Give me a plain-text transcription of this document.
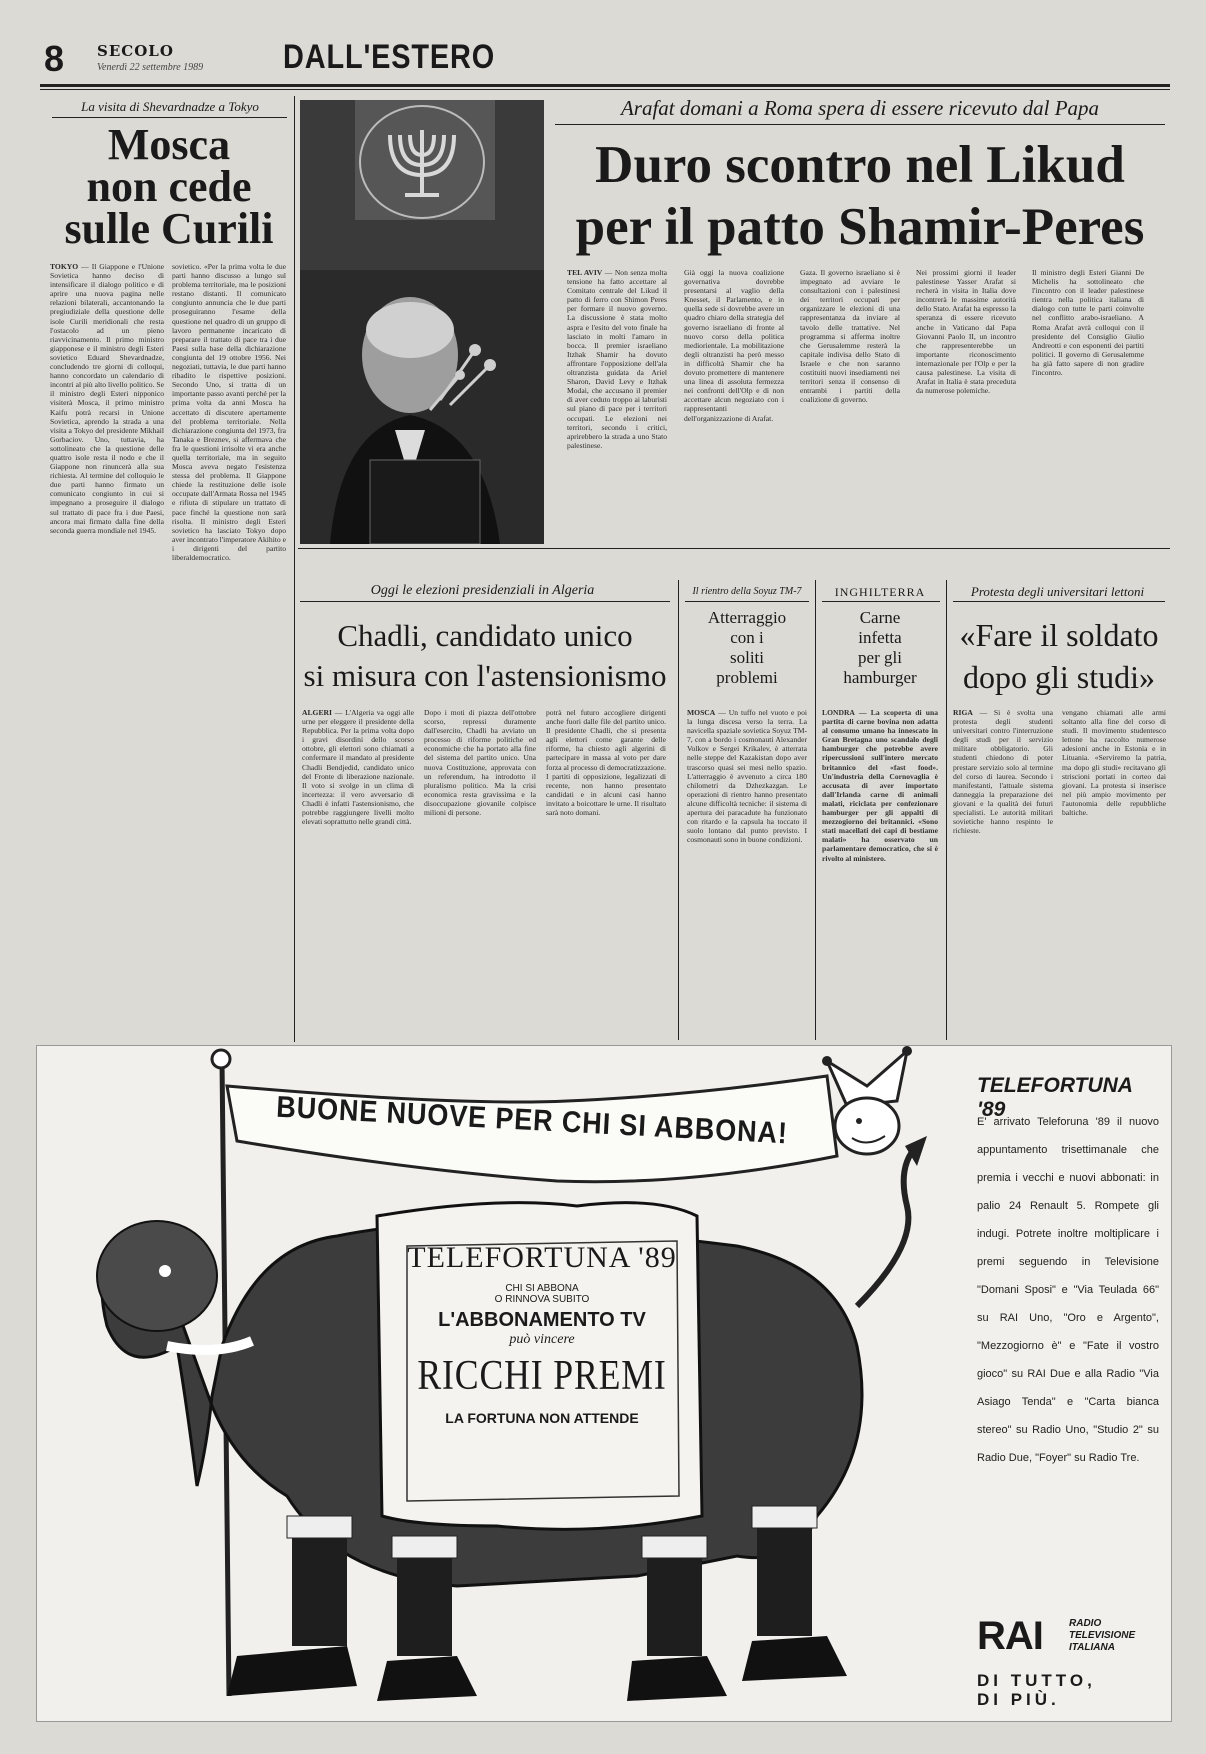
8 SECOLO
Venerdì 22 settembre 1989 DALL'ESTERO
La visita di Shevardnadze a Tokyo
Mosca
non cede
sulle Curili
TOKYO — Il Giappone e l'Unione Sovietica hanno deciso di intensificare il dialogo politico e di aprire una nuova pagina nelle relazioni bilaterali, accantonando la pregiudiziale della questione delle isole Curili meridionali che resta l'ostacolo ad un pieno riavvicinamento. Il primo ministro giapponese e il ministro degli Esteri sovietico Eduard Shevardnadze, concludendo tre giorni di colloqui, hanno concordato un calendario di incontri al più alto livello politico. Se il ministro degli Esteri nipponico visiterà Mosca, il primo ministro Kaifu potrà recarsi in Unione Sovietica, aprendo la strada a una visita a Tokyo del presidente Mikhail Gorbaciov. Uno, tuttavia, ha sottolineato che la questione delle quattro isole resta il nodo e che il Giappone non rinuncerà alla sua richiesta. Al termine del colloquio le due parti hanno firmato un comunicato congiunto in cui si impegnano a proseguire il dialogo sul trattato di pace fra i due Paesi, ancora mai firmato dalla fine della seconda guerra mondiale nel 1945.
sovietico. «Per la prima volta le due parti hanno discusso a lungo sul problema territoriale, ma le posizioni restano distanti. Il comunicato congiunto annuncia che le due parti proseguiranno l'esame della questione nel quadro di un gruppo di lavoro permanente incaricato di preparare il trattato di pace tra i due Paesi sulla base della dichiarazione congiunta del 19 ottobre 1956. Nei negoziati, tuttavia, le due parti hanno ribadito le rispettive posizioni. Secondo Uno, si tratta di un importante passo avanti perché per la prima volta da anni Mosca ha accettato di discutere apertamente del problema territoriale. Nella dichiarazione congiunta del 1973, fra Tanaka e Breznev, si affermava che fra le questioni irrisolte vi era anche quella territoriale, ma in seguito Mosca aveva negato l'esistenza stessa del problema. Il Giappone chiede la restituzione delle isole occupate dall'Armata Rossa nel 1945 e rifiuta di stipulare un trattato di pace finché la questione non sarà risolta. Il ministro degli Esteri sovietico ha lasciato Tokyo dopo aver incontrato l'imperatore Akihito e i dirigenti del partito liberaldemocratico.
Arafat domani a Roma spera di essere ricevuto dal Papa
Duro scontro nel Likud
per il patto Shamir-Peres
TEL AVIV — Non senza molta tensione ha fatto accettare al Comitato centrale del Likud il patto di ferro con Shimon Peres per formare il nuovo governo. La discussione è stata molto aspra e l'esito del voto finale ha lasciato in molti l'amaro in bocca. Il premier israeliano Itzhak Shamir ha dovuto affrontare l'opposizione dell'ala oltranzista guidata da Ariel Sharon, David Levy e Itzhak Modai, che accusano il premier di aver ceduto troppo ai laburisti sul piano di pace per i territori occupati. Le elezioni nei territori, secondo i critici, aprirebbero la strada a uno Stato palestinese.
Già oggi la nuova coalizione governativa dovrebbe presentarsi al vaglio della Knesset, il Parlamento, e in quella sede si dovrebbe avere un quadro chiaro della strategia del governo israeliano di fronte al nuovo corso della politica mediorientale. La mobilitazione degli oltranzisti ha però messo in difficoltà Shamir che ha dovuto promettere di mantenere una linea di assoluta fermezza nei confronti dell'Olp e di non accettare alcun negoziato con i rappresentanti dell'organizzazione di Arafat.
Gaza. Il governo israeliano si è impegnato ad avviare le consultazioni con i palestinesi dei territori occupati per organizzare le elezioni di una rappresentanza da inviare al tavolo delle trattative. Nel programma si afferma inoltre che Gerusalemme resterà la capitale indivisa dello Stato di Israele e che non saranno costituiti nuovi insediamenti nei territori senza il consenso di entrambi i partiti della coalizione di governo.
Nei prossimi giorni il leader palestinese Yasser Arafat si recherà in visita in Italia dove incontrerà le massime autorità dello Stato. Arafat ha espresso la speranza di essere ricevuto anche in Vaticano dal Papa Giovanni Paolo II, un incontro che rappresenterebbe un importante riconoscimento internazionale per l'Olp e per la causa palestinese. La visita di Arafat in Italia è stata preceduta da numerose polemiche.
Il ministro degli Esteri Gianni De Michelis ha sottolineato che l'incontro con il leader palestinese rientra nella politica italiana di dialogo con tutte le parti coinvolte nel conflitto arabo-israeliano. A Roma Arafat avrà colloqui con il presidente del Consiglio Giulio Andreotti e con esponenti dei partiti politici. Il governo di Gerusalemme ha già fatto sapere di non gradire l'incontro.
Oggi le elezioni presidenziali in Algeria
Chadli, candidato unico
si misura con l'astensionismo
ALGERI — L'Algeria va oggi alle urne per eleggere il presidente della Repubblica. Per la prima volta dopo i gravi disordini dello scorso ottobre, gli elettori sono chiamati a confermare il mandato al presidente Chadli Bendjedid, candidato unico del Fronte di liberazione nazionale. Il voto si svolge in un clima di incertezza: il vero avversario di Chadli è infatti l'astensionismo, che potrebbe raggiungere livelli molto elevati soprattutto nelle grandi città.
Dopo i moti di piazza dell'ottobre scorso, repressi duramente dall'esercito, Chadli ha avviato un processo di riforme politiche ed economiche che ha portato alla fine del sistema del partito unico. Una nuova Costituzione, approvata con un referendum, ha introdotto il pluralismo politico. Ma la crisi economica resta gravissima e la disoccupazione giovanile colpisce milioni di persone.
potrà nel futuro accogliere dirigenti anche fuori dalle file del partito unico. Il presidente Chadli, che si presenta agli elettori come garante delle riforme, ha chiesto agli algerini di partecipare in massa al voto per dare forza al processo di democratizzazione. I partiti di opposizione, legalizzati di recente, non hanno presentato candidati e in alcuni casi hanno invitato a boicottare le urne. Il risultato sarà noto domani.
Il rientro della Soyuz TM-7
Atterraggio
con i
soliti
problemi
MOSCA — Un tuffo nel vuoto e poi la lunga discesa verso la terra. La navicella spaziale sovietica Soyuz TM-7, con a bordo i cosmonauti Alexander Volkov e Sergei Krikalev, è atterrata nelle steppe del Kazakistan dopo aver trascorso quasi sei mesi nello spazio. L'atterraggio è avvenuto a circa 180 chilometri da Dzhezkazgan. Le operazioni di rientro hanno presentato alcune difficoltà tecniche: il sistema di apertura dei paracadute ha funzionato con ritardo e la capsula ha toccato il suolo lontano dal punto previsto. I cosmonauti sono in buone condizioni.
INGHILTERRA
Carne
infetta
per gli
hamburger
LONDRA — La scoperta di una partita di carne bovina non adatta al consumo umano ha innescato in Gran Bretagna uno scandalo degli hamburger che potrebbe avere ripercussioni sull'intero mercato britannico del «fast food». Un'industria della Cornovaglia è accusata di aver importato dall'Irlanda carne di animali malati, riciclata per confezionare hamburger per gli appalti di mezzogiorno dei britannici. «Sono stati macellati dei capi di bestiame malati» ha osservato un parlamentare democratico, che si è rivolto al ministero.
Protesta degli universitari lettoni
«Fare il soldato
dopo gli studi»
RIGA — Si è svolta una protesta degli studenti universitari contro l'interruzione degli studi per il servizio militare obbligatorio. Gli studenti chiedono di poter prestare servizio solo al termine del corso di laurea. Secondo i manifestanti, l'attuale sistema danneggia la preparazione dei giovani e la qualità dei futuri specialisti. Le autorità militari sovietiche hanno respinto le richieste.
vengano chiamati alle armi soltanto alla fine del corso di studi. Il movimento studentesco lettone ha raccolto numerose adesioni anche in Estonia e in Lituania. «Serviremo la patria, ma dopo gli studi» recitavano gli striscioni portati in corteo dai giovani. La protesta si inserisce nel più ampio movimento per l'autonomia delle repubbliche baltiche.
BUONE NUOVE PER CHI SI ABBONA!
TELEFORTUNA '89
CHI SI ABBONA
O RINNOVA SUBITO
L'ABBONAMENTO TV
può vincere
RICCHI PREMI
LA FORTUNA NON ATTENDE
TELEFORTUNA '89
E' arrivato Teleforuna '89 il nuovo appuntamento trisettimanale che premia i vecchi e nuovi abbonati: in palio 24 Renault 5. Rompete gli indugi. Potrete inoltre moltiplicare i premi seguendo in Televisione "Domani Sposi" e "Via Teulada 66" su RAI Uno, "Oro e Argento", "Mezzogiorno è" e "Fate il vostro gioco" su RAI Due e alla Radio "Via Asiago Tenda" e "Carta bianca stereo" su Radio Uno, "Studio 2" su Radio Due, "Foyer" su Radio Tre.
RAI	RADIO
TELEVISIONE
ITALIANA
DI TUTTO,
DI PIÙ.
